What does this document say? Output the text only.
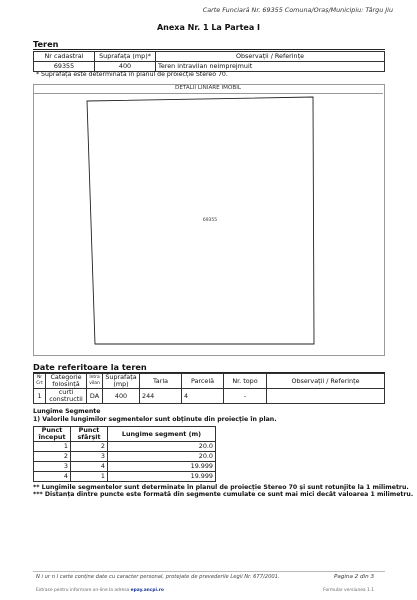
Carte Funciară Nr. 69355 Comuna/Oraș/Municipiu: Târgu Jiu
Anexa Nr. 1 La Partea I
Teren
Nr cadastral	Suprafața (mp)*	Observații / Referințe
69355	400	Teren intravilan neimprejmuit
* Suprafața este determinată în planul de proiecție Stereo 70.
DETALII LINIARE IMOBIL
69355
Date referitoare la teren
Nr Crt	Categorie folosință	Intra vilan	Suprafața (mp)	Tarla	Parcelă	Nr. topo	Observații / Referințe
1	curti constructii	DA	400	244	4	-	
Lungime Segmente
1) Valorile lungimilor segmentelor sunt obținute din proiecție în plan.
Punct început	Punct sfârșit	Lungime segment (m)
1	2	20.0
2	3	20.0
3	4	19.999
4	1	19.999
** Lungimile segmentelor sunt determinate în planul de proiecție Stereo 70 și sunt rotunjite la 1 milimetru.
*** Distanța dintre puncte este formată din segmente cumulate ce sunt mai mici decât valoarea 1 milimetru.
N i ur n l carte conține date cu caracter personal, protejate de prevederile Legii Nr. 677/2001.	Pagina 2 din 3
Extrase pentru informare on-line la adresa epay.ancpi.ro	Formular versiunea 1.1
